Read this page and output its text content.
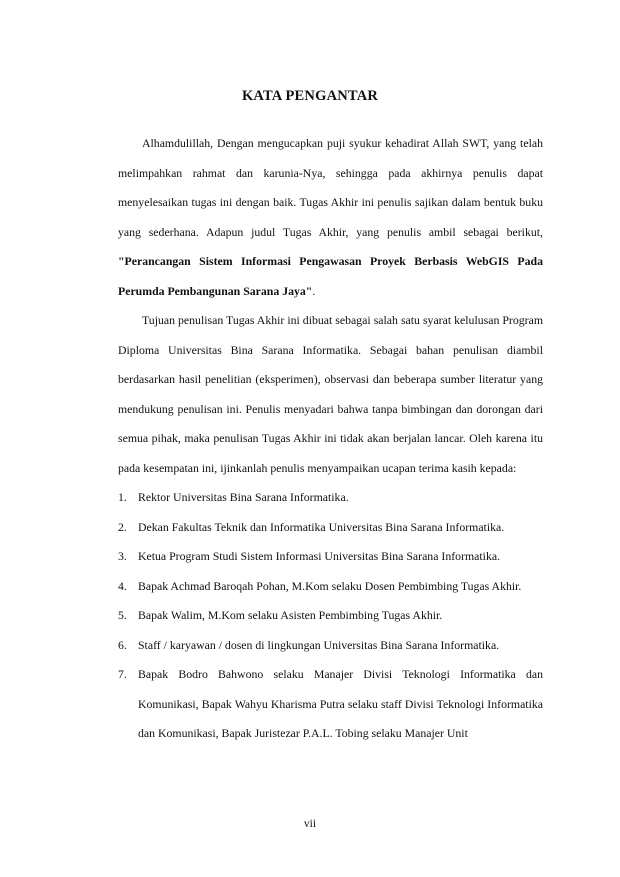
KATA PENGANTAR

Alhamdulillah, Dengan mengucapkan puji syukur kehadirat Allah SWT, yang telah melimpahkan rahmat dan karunia-Nya, sehingga pada akhirnya penulis dapat menyelesaikan tugas ini dengan baik. Tugas Akhir ini penulis sajikan dalam bentuk buku yang sederhana. Adapun judul Tugas Akhir, yang penulis ambil sebagai berikut, "Perancangan Sistem Informasi Pengawasan Proyek Berbasis WebGIS Pada Perumda Pembangunan Sarana Jaya".

Tujuan penulisan Tugas Akhir ini dibuat sebagai salah satu syarat kelulusan Program Diploma Universitas Bina Sarana Informatika. Sebagai bahan penulisan diambil berdasarkan hasil penelitian (eksperimen), observasi dan beberapa sumber literatur yang mendukung penulisan ini. Penulis menyadari bahwa tanpa bimbingan dan dorongan dari semua pihak, maka penulisan Tugas Akhir ini tidak akan berjalan lancar. Oleh karena itu pada kesempatan ini, ijinkanlah penulis menyampaikan ucapan terima kasih kepada:

1. Rektor Universitas Bina Sarana Informatika.
2. Dekan Fakultas Teknik dan Informatika Universitas Bina Sarana Informatika.
3. Ketua Program Studi Sistem Informasi Universitas Bina Sarana Informatika.
4. Bapak Achmad Baroqah Pohan, M.Kom selaku Dosen Pembimbing Tugas Akhir.
5. Bapak Walim, M.Kom selaku Asisten Pembimbing Tugas Akhir.
6. Staff / karyawan / dosen di lingkungan Universitas Bina Sarana Informatika.
7. Bapak Bodro Bahwono selaku Manajer Divisi Teknologi Informatika dan Komunikasi, Bapak Wahyu Kharisma Putra selaku staff Divisi Teknologi Informatika dan Komunikasi, Bapak Juristezar P.A.L. Tobing selaku Manajer Unit
vii
